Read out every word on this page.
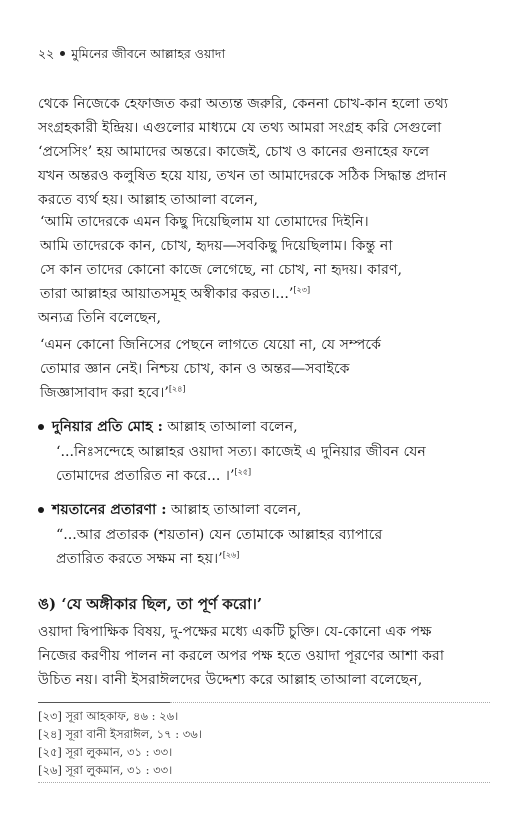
২২ মুমিনের জীবনে আল্লাহর ওয়াদা
থেকে নিজেকে হেফাজত করা অত্যন্ত জরুরি, কেননা চোখ-কান হলো তথ্য
সংগ্রহকারী ইন্দ্রিয়। এগুলোর মাধ্যমে যে তথ্য আমরা সংগ্রহ করি সেগুলো
‘প্রসেসিং’ হয় আমাদের অন্তরে। কাজেই, চোখ ও কানের গুনাহের ফলে
যখন অন্তরও কলুষিত হয়ে যায়, তখন তা আমাদেরকে সঠিক সিদ্ধান্ত প্রদান
করতে ব্যর্থ হয়। আল্লাহ তাআলা বলেন,
‘আমি তাদেরকে এমন কিছু দিয়েছিলাম যা তোমাদের দিইনি।
আমি তাদেরকে কান, চোখ, হৃদয়—সবকিছু দিয়েছিলাম। কিন্তু না
সে কান তাদের কোনো কাজে লেগেছে, না চোখ, না হৃদয়। কারণ,
তারা আল্লাহর আয়াতসমূহ অস্বীকার করত।...’[২৩]
অন্যত্র তিনি বলেছেন,
‘এমন কোনো জিনিসের পেছনে লাগতে যেয়ো না, যে সম্পর্কে
তোমার জ্ঞান নেই। নিশ্চয় চোখ, কান ও অন্তর—সবাইকে
জিজ্ঞাসাবাদ করা হবে।’[২৪]
দুনিয়ার প্রতি মোহ : আল্লাহ তাআলা বলেন,
‘...নিঃসন্দেহে আল্লাহর ওয়াদা সত্য। কাজেই এ দুনিয়ার জীবন যেন
তোমাদের প্রতারিত না করে... ।’[২৫]
শয়তানের প্রতারণা : আল্লাহ তাআলা বলেন,
“...আর প্রতারক (শয়তান) যেন তোমাকে আল্লাহর ব্যাপারে
প্রতারিত করতে সক্ষম না হয়।’[২৬]
ঙ) ‘যে অঙ্গীকার ছিল, তা পূর্ণ করো।’
ওয়াদা দ্বিপাক্ষিক বিষয়, দু-পক্ষের মধ্যে একটি চুক্তি। যে-কোনো এক পক্ষ
নিজের করণীয় পালন না করলে অপর পক্ষ হতে ওয়াদা পূরণের আশা করা
উচিত নয়। বানী ইসরাঈলদের উদ্দেশ্য করে আল্লাহ তাআলা বলেছেন,
[২৩] সূরা আহকাফ, ৪৬ : ২৬।
[২৪] সূরা বানী ইসরাঈল, ১৭ : ৩৬।
[২৫] সূরা লুকমান, ৩১ : ৩৩।
[২৬] সূরা লুকমান, ৩১ : ৩৩।
